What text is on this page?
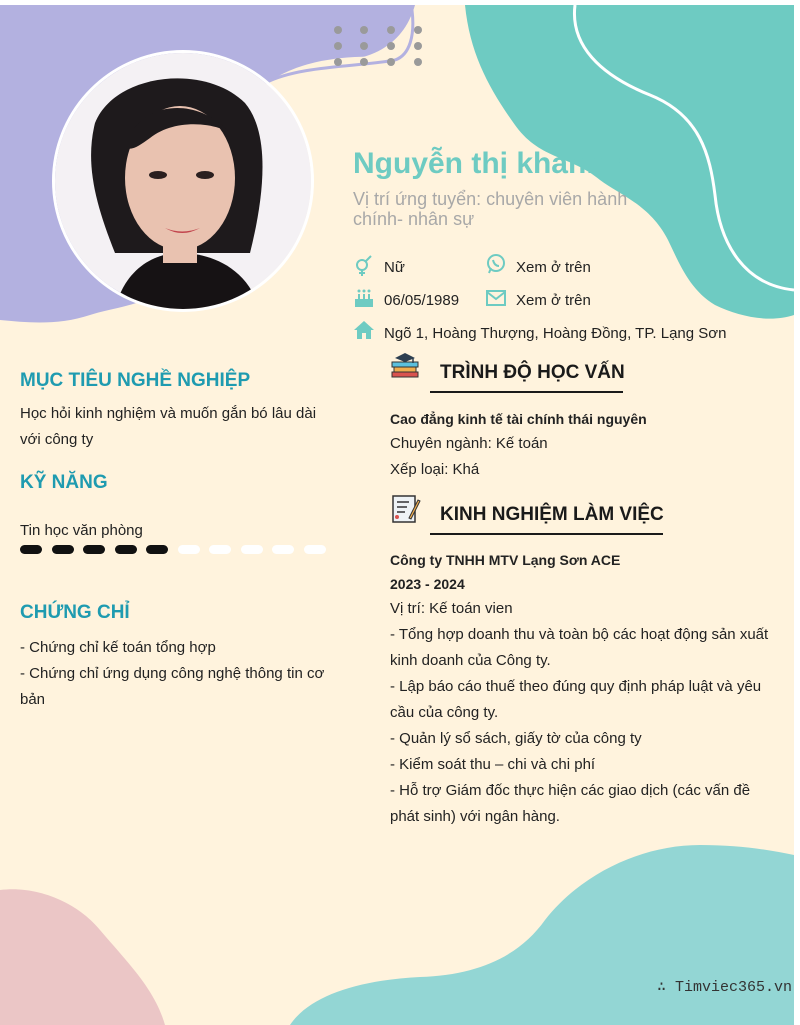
Nguyễn thị khánh hoà
Vị trí ứng tuyển: chuyên viên hành chính- nhân sự
Nữ	Xem ở trên
06/05/1989	Xem ở trên
Ngõ 1, Hoàng Thượng, Hoàng Đồng, TP. Lạng Sơn
MỤC TIÊU NGHỀ NGHIỆP
Học hỏi kinh nghiệm và muốn gắn bó lâu dài với công ty
KỸ NĂNG
Tin học văn phòng
CHỨNG CHỈ
- Chứng chỉ kế toán tổng hợp
- Chứng chỉ ứng dụng công nghệ thông tin cơ bản
TRÌNH ĐỘ HỌC VẤN
Cao đẳng kinh tế tài chính thái nguyên
Chuyên ngành: Kế toán
Xếp loại: Khá
KINH NGHIỆM LÀM VIỆC
Công ty TNHH MTV Lạng Sơn ACE
2023 - 2024
Vị trí: Kế toán vien
- Tổng hợp doanh thu và toàn bộ các hoạt động sản xuất kinh doanh của Công ty.
- Lập báo cáo thuế theo đúng quy định pháp luật và yêu cầu của công ty.
- Quản lý sổ sách, giấy tờ của công ty
- Kiểm soát thu – chi và chi phí
- Hỗ trợ Giám đốc thực hiện các giao dịch (các vấn đề phát sinh) với ngân hàng.
∴ Timviec365.vn
